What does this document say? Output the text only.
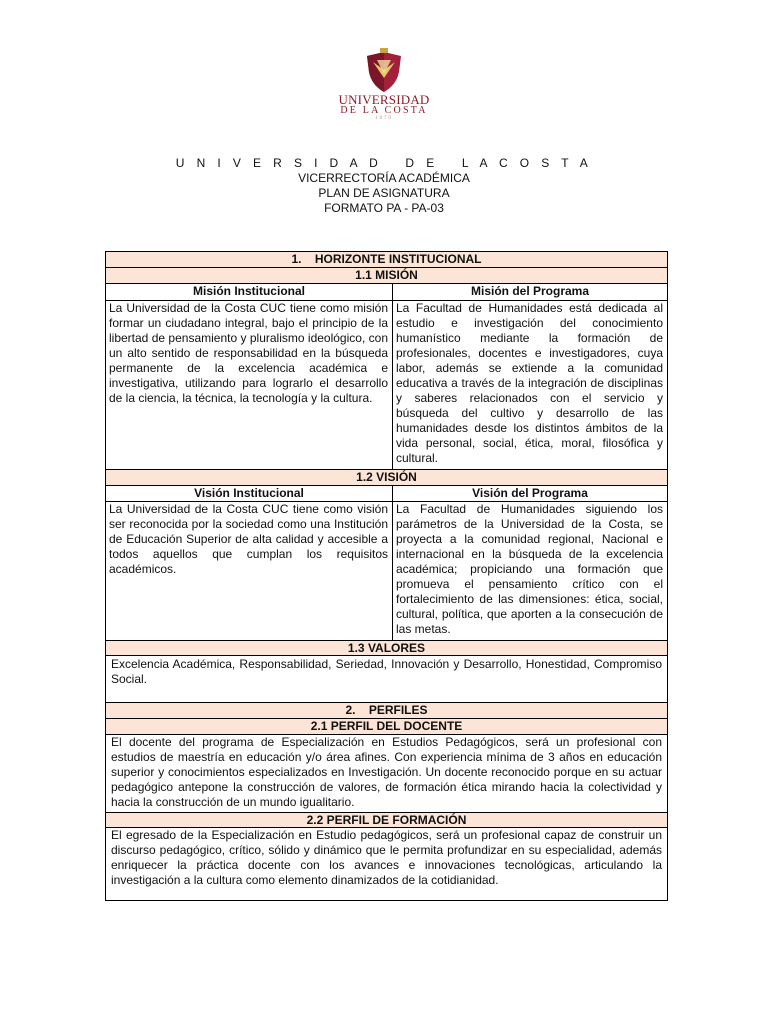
UNIVERSIDAD
DE LA COSTA
1970
U N I V E R S I D A D   D E   L A C O S T A
VICERRECTORÍA ACADÉMICA
PLAN DE ASIGNATURA
FORMATO PA - PA-03
1.    HORIZONTE INSTITUCIONAL
1.1 MISIÓN
Misión Institucional	Misión del Programa
La Universidad de la Costa CUC tiene como misión formar un ciudadano integral, bajo el principio de la libertad de pensamiento y pluralismo ideológico, con un alto sentido de responsabilidad en la búsqueda permanente de la excelencia académica e investigativa, utilizando para lograrlo el desarrollo de la ciencia, la técnica, la tecnología y la cultura.
La Facultad de Humanidades está dedicada al estudio e investigación del conocimiento humanístico mediante la formación de profesionales, docentes e investigadores, cuya labor, además se extiende a la comunidad educativa a través de la integración de disciplinas y saberes relacionados con el servicio y búsqueda del cultivo y desarrollo de las humanidades desde los distintos ámbitos de la vida personal, social, ética, moral, filosófica y cultural.
1.2 VISIÓN
Visión Institucional	Visión del Programa
La Universidad de la Costa CUC tiene como visión ser reconocida por la sociedad como una Institución de Educación Superior de alta calidad y accesible a todos aquellos que cumplan los requisitos académicos.
La Facultad de Humanidades siguiendo los parámetros de la Universidad de la Costa, se proyecta a la comunidad regional, Nacional e internacional en la búsqueda de la excelencia académica; propiciando una formación que promueva el pensamiento crítico con el fortalecimiento de las dimensiones: ética, social, cultural, política, que aporten a la consecución de las metas.
1.3 VALORES
Excelencia Académica, Responsabilidad, Seriedad, Innovación y Desarrollo, Honestidad, Compromiso Social.
2.    PERFILES
2.1 PERFIL DEL DOCENTE
El docente del programa de Especialización en Estudios Pedagógicos, será un profesional con estudios de maestría en educación y/o área afines. Con experiencia mínima de 3 años en educación superior y conocimientos especializados en Investigación. Un docente reconocido porque en su actuar pedagógico antepone la construcción de valores, de formación ética mirando hacia la colectividad y hacia la construcción de un mundo igualitario.
2.2 PERFIL DE FORMACIÓN
El egresado de la Especialización en Estudio pedagógicos, será un profesional capaz de construir un discurso pedagógico, crítico, sólido y dinámico que le permita profundizar en su especialidad, además enriquecer la práctica docente con los avances e innovaciones tecnológicas, articulando la investigación a la cultura como elemento dinamizados de la cotidianidad.
